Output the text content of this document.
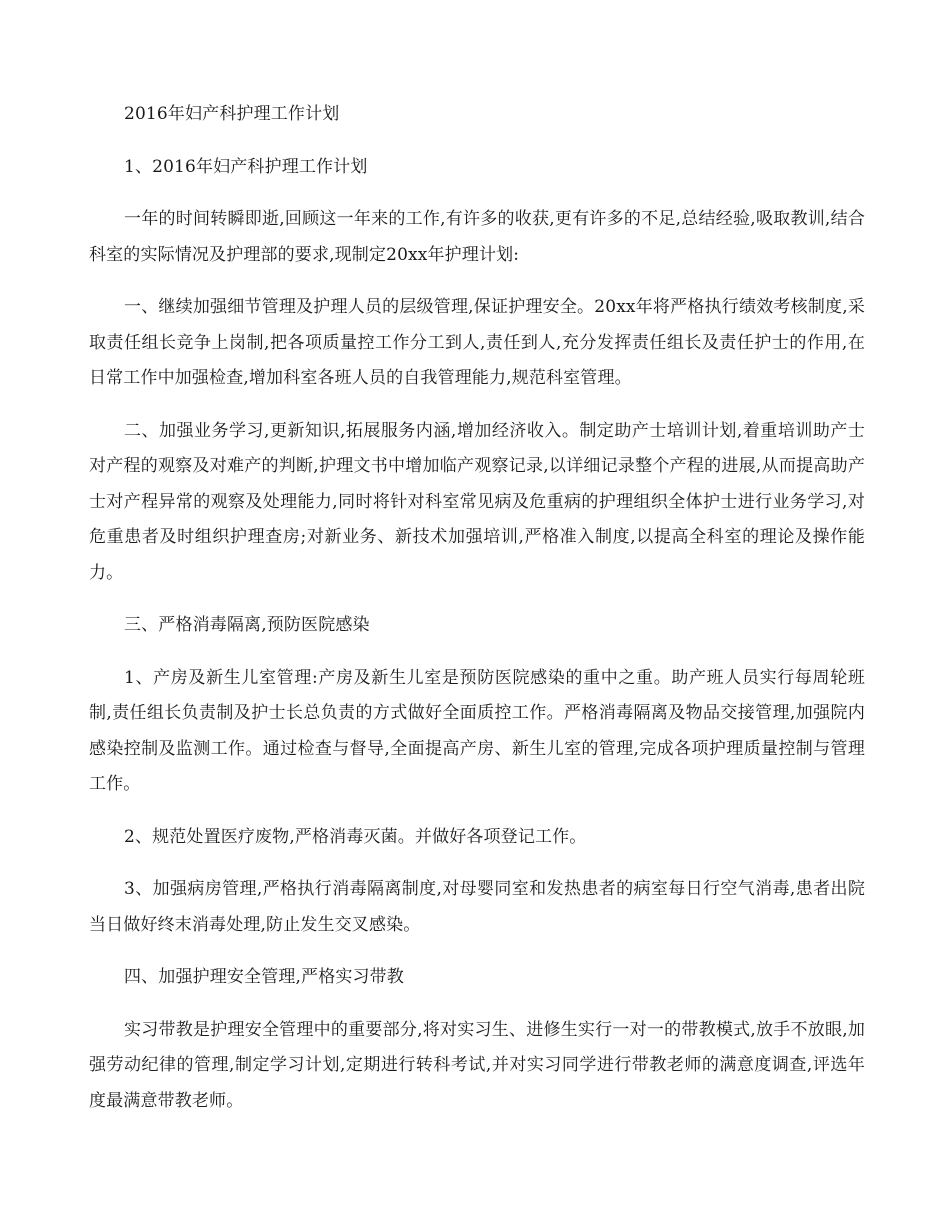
2016年妇产科护理工作计划

1、2016年妇产科护理工作计划

一年的时间转瞬即逝,回顾这一年来的工作,有许多的收获,更有许多的不足,总结经验,吸取教训,结合科室的实际情况及护理部的要求,现制定20xx年护理计划:

一、继续加强细节管理及护理人员的层级管理,保证护理安全。20xx年将严格执行绩效考核制度,采取责任组长竞争上岗制,把各项质量控工作分工到人,责任到人,充分发挥责任组长及责任护士的作用,在日常工作中加强检查,增加科室各班人员的自我管理能力,规范科室管理。

二、加强业务学习,更新知识,拓展服务内涵,增加经济收入。制定助产士培训计划,着重培训助产士对产程的观察及对难产的判断,护理文书中增加临产观察记录,以详细记录整个产程的进展,从而提高助产士对产程异常的观察及处理能力,同时将针对科室常见病及危重病的护理组织全体护士进行业务学习,对危重患者及时组织护理查房;对新业务、新技术加强培训,严格准入制度,以提高全科室的理论及操作能力。

三、严格消毒隔离,预防医院感染

1、产房及新生儿室管理:产房及新生儿室是预防医院感染的重中之重。助产班人员实行每周轮班制,责任组长负责制及护士长总负责的方式做好全面质控工作。严格消毒隔离及物品交接管理,加强院内感染控制及监测工作。通过检查与督导,全面提高产房、新生儿室的管理,完成各项护理质量控制与管理工作。

2、规范处置医疗废物,严格消毒灭菌。并做好各项登记工作。

3、加强病房管理,严格执行消毒隔离制度,对母婴同室和发热患者的病室每日行空气消毒,患者出院当日做好终末消毒处理,防止发生交叉感染。

四、加强护理安全管理,严格实习带教

实习带教是护理安全管理中的重要部分,将对实习生、进修生实行一对一的带教模式,放手不放眼,加强劳动纪律的管理,制定学习计划,定期进行转科考试,并对实习同学进行带教老师的满意度调查,评选年度最满意带教老师。
